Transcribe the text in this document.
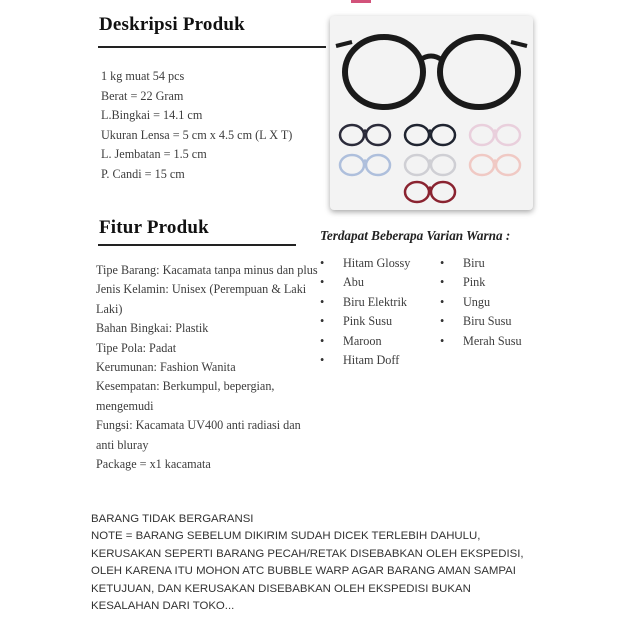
Deskripsi Produk
1 kg muat 54 pcs
Berat = 22 Gram
L.Bingkai = 14.1 cm
Ukuran Lensa = 5 cm x 4.5 cm (L X T)
L. Jembatan = 1.5 cm
P. Candi = 15 cm
Fitur Produk
Tipe Barang: Kacamata tanpa minus dan plus
Jenis Kelamin: Unisex (Perempuan & Laki Laki)
Bahan Bingkai: Plastik
Tipe Pola: Padat
Kerumunan: Fashion Wanita
Kesempatan: Berkumpul, bepergian, mengemudi
Fungsi: Kacamata UV400 anti radiasi dan anti bluray
Package = x1 kacamata
Terdapat Beberapa Varian Warna :
• Hitam Glossy
• Abu
• Biru Elektrik
• Pink Susu
• Maroon
• Hitam Doff
• Biru
• Pink
• Ungu
• Biru Susu
• Merah Susu
BARANG TIDAK BERGARANSI
NOTE = BARANG SEBELUM DIKIRIM SUDAH DICEK TERLEBIH DAHULU,
KERUSAKAN SEPERTI BARANG PECAH/RETAK DISEBABKAN OLEH EKSPEDISI,
OLEH KARENA ITU MOHON ATC BUBBLE WARP AGAR BARANG AMAN SAMPAI
KETUJUAN, DAN KERUSAKAN DISEBABKAN OLEH EKSPEDISI BUKAN
KESALAHAN DARI TOKO...
